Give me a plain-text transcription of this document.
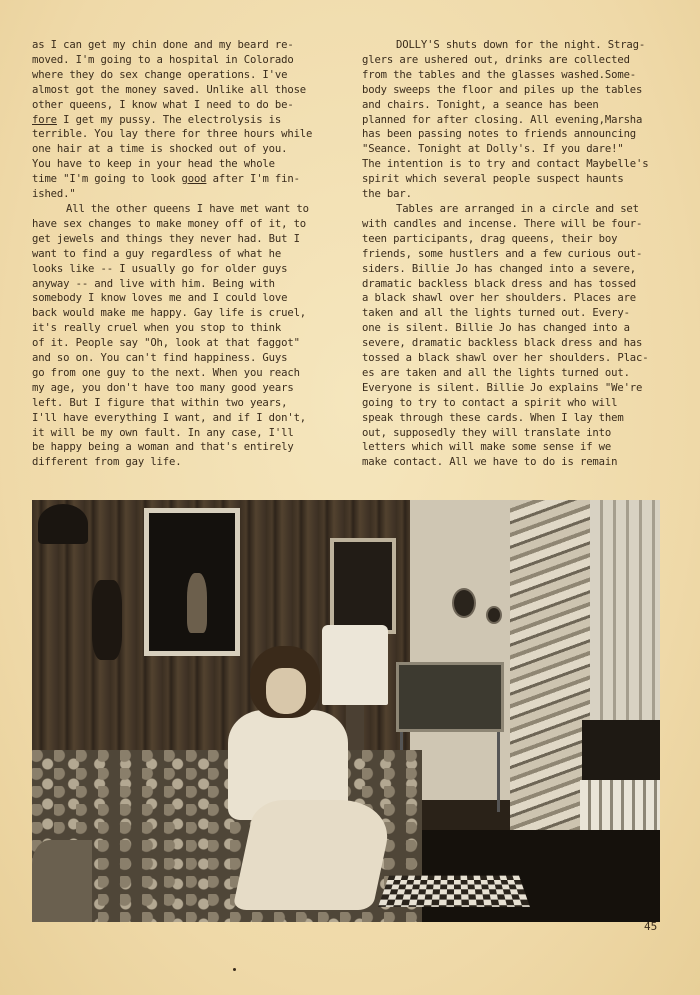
as I can get my chin done and my beard re-

moved. I'm going to a hospital in Colorado

where they do sex change operations. I've

almost got the money saved. Unlike all those

other queens, I know what I need to do be-

fore I get my pussy. The electrolysis is

terrible. You lay there for three hours while

one hair at a time is shocked out of you.

You have to keep in your head the whole

time "I'm going to look good after I'm fin-

ished."

All the other queens I have met want to

have sex changes to make money off of it, to

get jewels and things they never had. But I

want to find a guy regardless of what he

looks like -- I usually go for older guys

anyway -- and live with him. Being with

somebody I know loves me and I could love

back would make me happy. Gay life is cruel,

it's really cruel when you stop to think

of it. People say "Oh, look at that faggot"

and so on. You can't find happiness. Guys

go from one guy to the next. When you reach

my age, you don't have too many good years

left. But I figure that within two years,

I'll have everything I want, and if I don't,

it will be my own fault. In any case, I'll

be happy being a woman and that's entirely

different from gay life.

DOLLY'S shuts down for the night. Strag-

glers are ushered out, drinks are collected

from the tables and the glasses washed.Some-

body sweeps the floor and piles up the tables

and chairs. Tonight, a seance has been

planned for after closing. All evening,Marsha

has been passing notes to friends announcing

"Seance. Tonight at Dolly's. If you dare!"

The intention is to try and contact Maybelle's

spirit which several people suspect haunts

the bar.

Tables are arranged in a circle and set

with candles and incense. There will be four-

teen participants, drag queens, their boy

friends, some hustlers and a few curious out-

siders. Billie Jo has changed into a severe,

dramatic backless black dress and has tossed

a black shawl over her shoulders. Places are

taken and all the lights turned out. Every-

one is silent. Billie Jo has changed into a

severe, dramatic backless black dress and has

tossed a black shawl over her shoulders. Plac-

es are taken and all the lights turned out.

Everyone is silent. Billie Jo explains "We're

going to try to contact a spirit who will

speak through these cards. When I lay them

out, supposedly they will translate into

letters which will make some sense if we

make contact. All we have to do is remain

45
